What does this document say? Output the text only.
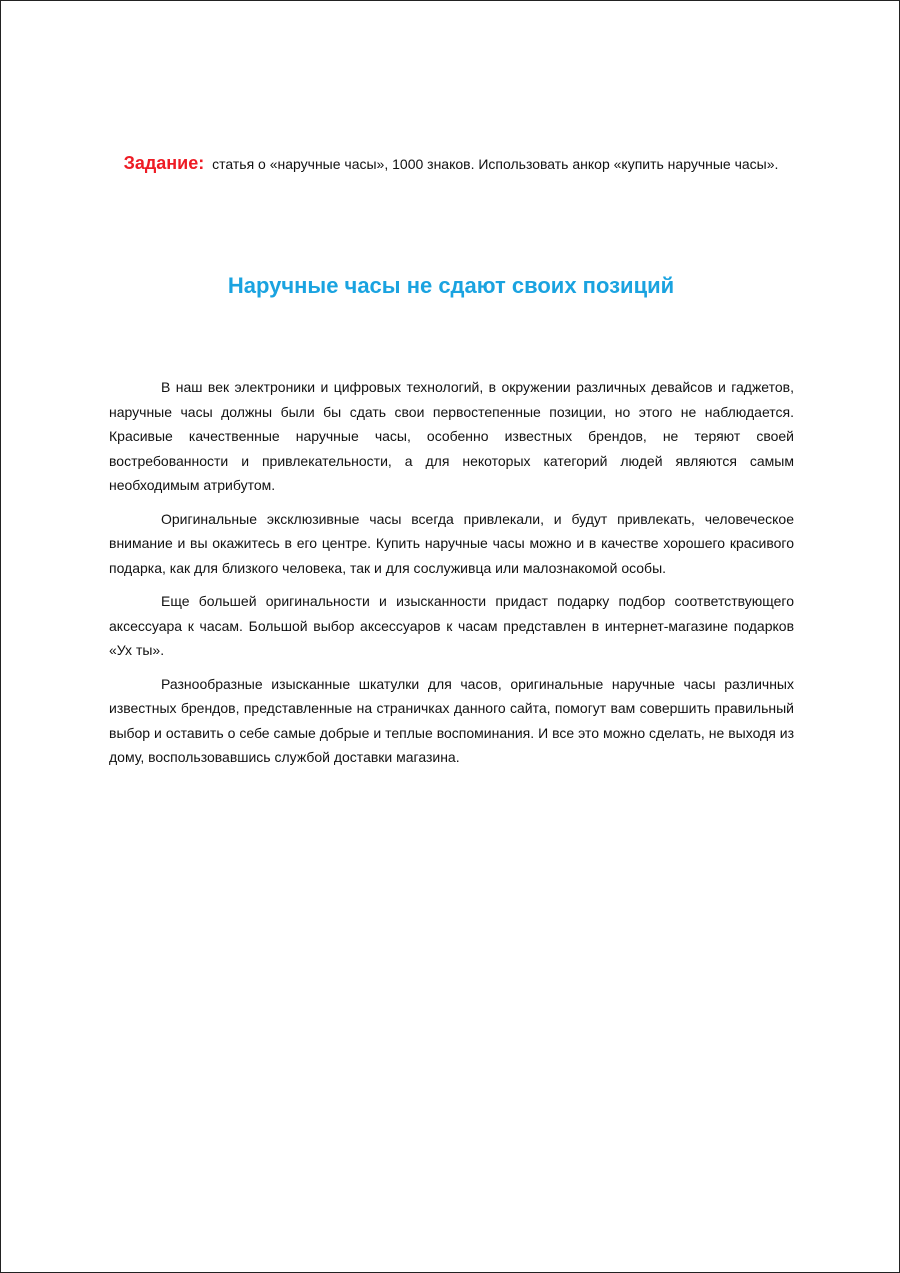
Задание: статья о «наручные часы», 1000 знаков. Использовать анкор «купить наручные часы».
Наручные часы не сдают своих позиций

В наш век электроники и цифровых технологий, в окружении различных девайсов и гаджетов, наручные часы должны были бы сдать свои первостепенные позиции, но этого не наблюдается. Красивые качественные наручные часы, особенно известных брендов, не теряют своей востребованности и привлекательности, а для некоторых категорий людей являются самым необходимым атрибутом.

Оригинальные эксклюзивные часы всегда привлекали, и будут привлекать, человеческое внимание и вы окажитесь в его центре. Купить наручные часы можно и в качестве хорошего красивого подарка, как для близкого человека, так и для сослуживца или малознакомой особы.

Еще большей оригинальности и изысканности придаст подарку подбор соответствующего аксессуара к часам. Большой выбор аксессуаров к часам представлен в интернет-магазине подарков «Ух ты».

Разнообразные изысканные шкатулки для часов, оригинальные наручные часы различных известных брендов, представленные на страничках данного сайта, помогут вам совершить правильный выбор и оставить о себе самые добрые и теплые воспоминания. И все это можно сделать, не выходя из дому, воспользовавшись службой доставки магазина.
